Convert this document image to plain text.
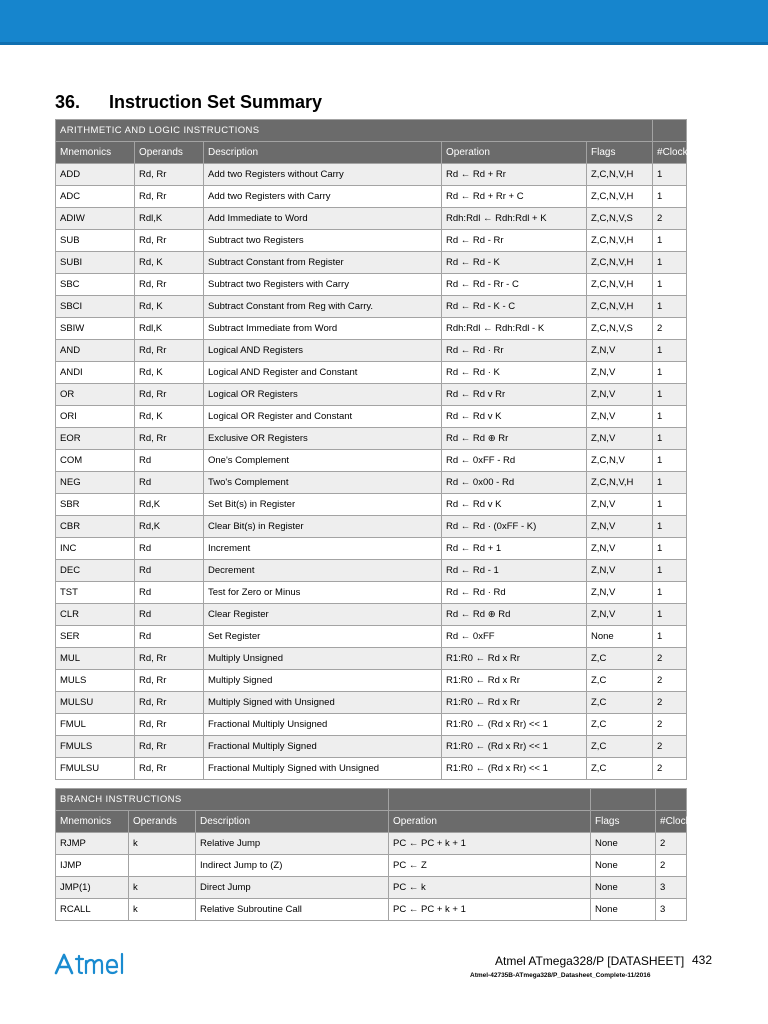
36. Instruction Set Summary
ARITHMETIC AND LOGIC INSTRUCTIONS					
Mnemonics	Operands	Description	Operation	Flags	#Clocks
ADD	Rd, Rr	Add two Registers without Carry	Rd ← Rd + Rr	Z,C,N,V,H	1
ADC	Rd, Rr	Add two Registers with Carry	Rd ← Rd + Rr + C	Z,C,N,V,H	1
ADIW	Rdl,K	Add Immediate to Word	Rdh:Rdl ← Rdh:Rdl + K	Z,C,N,V,S	2
SUB	Rd, Rr	Subtract two Registers	Rd ← Rd - Rr	Z,C,N,V,H	1
SUBI	Rd, K	Subtract Constant from Register	Rd ← Rd - K	Z,C,N,V,H	1
SBC	Rd, Rr	Subtract two Registers with Carry	Rd ← Rd - Rr - C	Z,C,N,V,H	1
SBCI	Rd, K	Subtract Constant from Reg with Carry.	Rd ← Rd - K - C	Z,C,N,V,H	1
SBIW	Rdl,K	Subtract Immediate from Word	Rdh:Rdl ← Rdh:Rdl - K	Z,C,N,V,S	2
AND	Rd, Rr	Logical AND Registers	Rd ← Rd · Rr	Z,N,V	1
ANDI	Rd, K	Logical AND Register and Constant	Rd ← Rd · K	Z,N,V	1
OR	Rd, Rr	Logical OR Registers	Rd ← Rd v Rr	Z,N,V	1
ORI	Rd, K	Logical OR Register and Constant	Rd ← Rd v K	Z,N,V	1
EOR	Rd, Rr	Exclusive OR Registers	Rd ← Rd ⊕ Rr	Z,N,V	1
COM	Rd	One's Complement	Rd ← 0xFF - Rd	Z,C,N,V	1
NEG	Rd	Two's Complement	Rd ← 0x00 - Rd	Z,C,N,V,H	1
SBR	Rd,K	Set Bit(s) in Register	Rd ← Rd v K	Z,N,V	1
CBR	Rd,K	Clear Bit(s) in Register	Rd ← Rd · (0xFF - K)	Z,N,V	1
INC	Rd	Increment	Rd ← Rd + 1	Z,N,V	1
DEC	Rd	Decrement	Rd ← Rd - 1	Z,N,V	1
TST	Rd	Test for Zero or Minus	Rd ← Rd · Rd	Z,N,V	1
CLR	Rd	Clear Register	Rd ← Rd ⊕ Rd	Z,N,V	1
SER	Rd	Set Register	Rd ← 0xFF	None	1
MUL	Rd, Rr	Multiply Unsigned	R1:R0 ← Rd x Rr	Z,C	2
MULS	Rd, Rr	Multiply Signed	R1:R0 ← Rd x Rr	Z,C	2
MULSU	Rd, Rr	Multiply Signed with Unsigned	R1:R0 ← Rd x Rr	Z,C	2
FMUL	Rd, Rr	Fractional Multiply Unsigned	R1:R0 ← (Rd x Rr) << 1	Z,C	2
FMULS	Rd, Rr	Fractional Multiply Signed	R1:R0 ← (Rd x Rr) << 1	Z,C	2
FMULSU	Rd, Rr	Fractional Multiply Signed with Unsigned	R1:R0 ← (Rd x Rr) << 1	Z,C	2
BRANCH INSTRUCTIONS					
Mnemonics	Operands	Description	Operation	Flags	#Clocks
RJMP	k	Relative Jump	PC ← PC + k + 1	None	2
IJMP		Indirect Jump to (Z)	PC ← Z	None	2
JMP(1)	k	Direct Jump	PC ← k	None	3
RCALL	k	Relative Subroutine Call	PC ← PC + k + 1	None	3
Atmel ATmega328/P [DATASHEET] 432
Atmel-42735B-ATmega328/P_Datasheet_Complete-11/2016
